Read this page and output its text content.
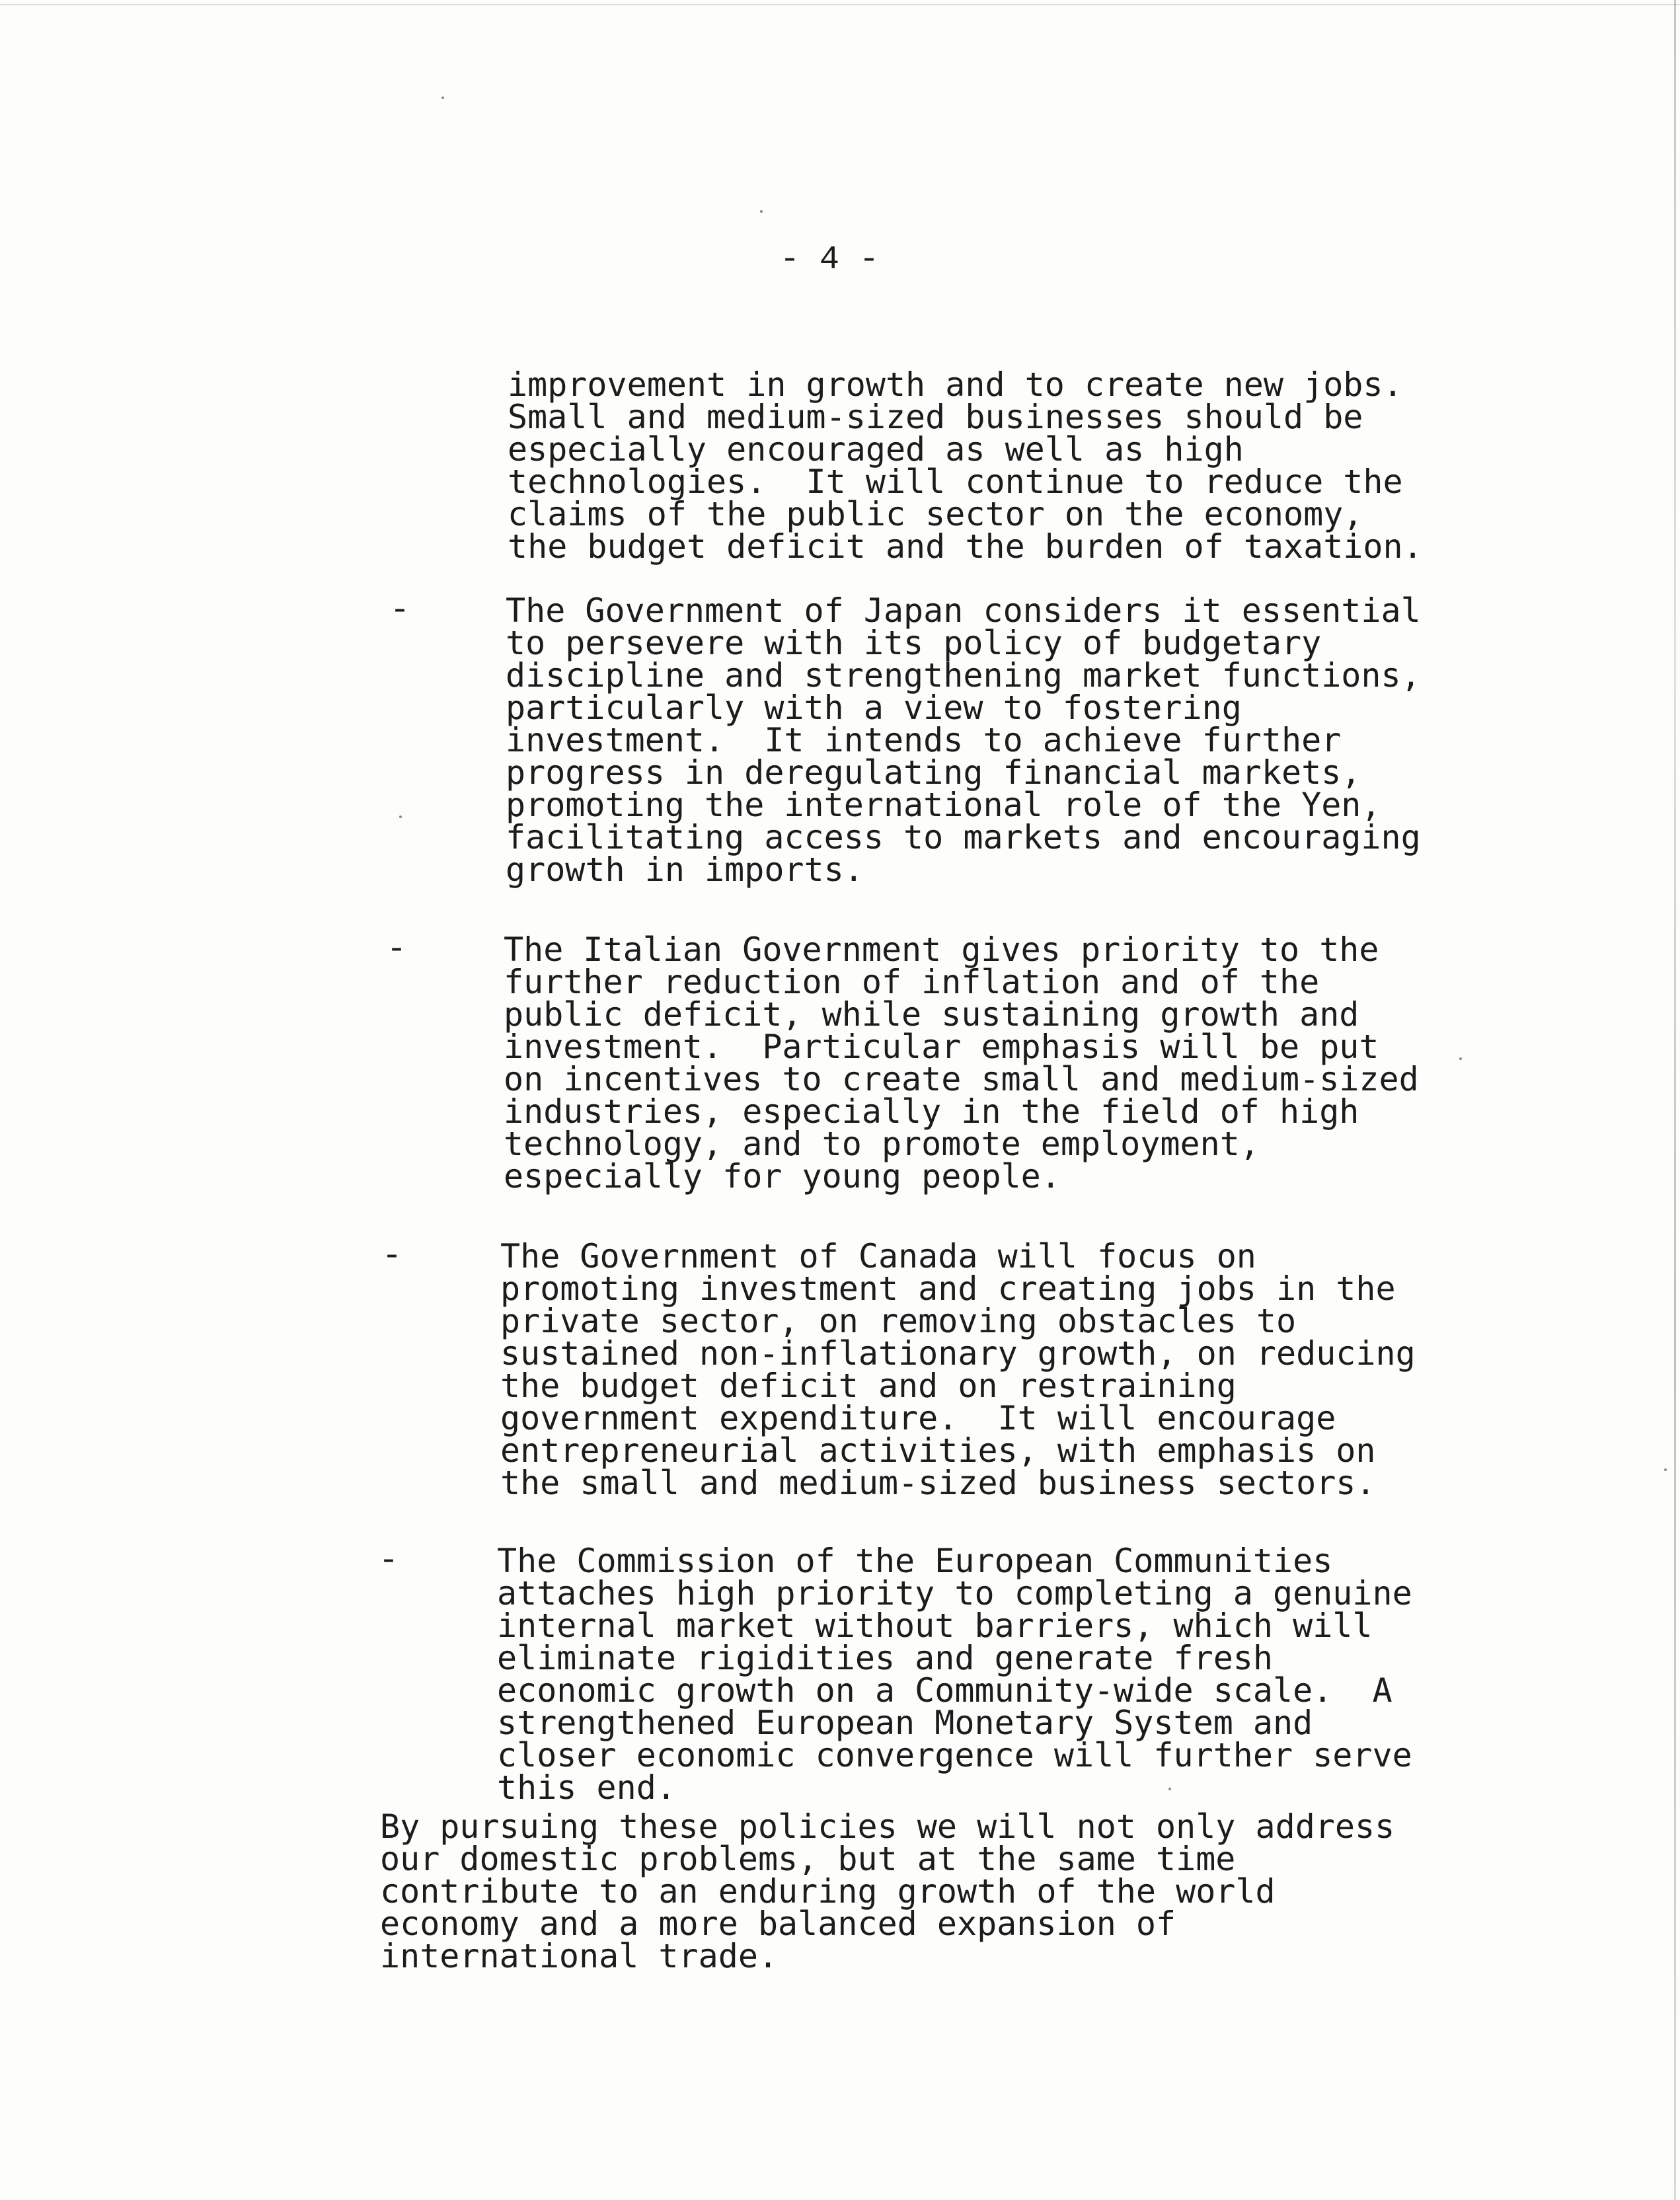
- 4 -
improvement in growth and to create new jobs.
Small and medium-sized businesses should be
especially encouraged as well as high
technologies.  It will continue to reduce the
claims of the public sector on the economy,
the budget deficit and the burden of taxation.
-	The Government of Japan considers it essential
to persevere with its policy of budgetary
discipline and strengthening market functions,
particularly with a view to fostering
investment.  It intends to achieve further
progress in deregulating financial markets,
promoting the international role of the Yen,
facilitating access to markets and encouraging
growth in imports.
-	The Italian Government gives priority to the
further reduction of inflation and of the
public deficit, while sustaining growth and
investment.  Particular emphasis will be put
on incentives to create small and medium-sized
industries, especially in the field of high
technology, and to promote employment,
especially for young people.
-	The Government of Canada will focus on
promoting investment and creating jobs in the
private sector, on removing obstacles to
sustained non-inflationary growth, on reducing
the budget deficit and on restraining
government expenditure.  It will encourage
entrepreneurial activities, with emphasis on
the small and medium-sized business sectors.
-	The Commission of the European Communities
attaches high priority to completing a genuine
internal market without barriers, which will
eliminate rigidities and generate fresh
economic growth on a Community-wide scale.  A
strengthened European Monetary System and
closer economic convergence will further serve
this end.
By pursuing these policies we will not only address
our domestic problems, but at the same time
contribute to an enduring growth of the world
economy and a more balanced expansion of
international trade.
